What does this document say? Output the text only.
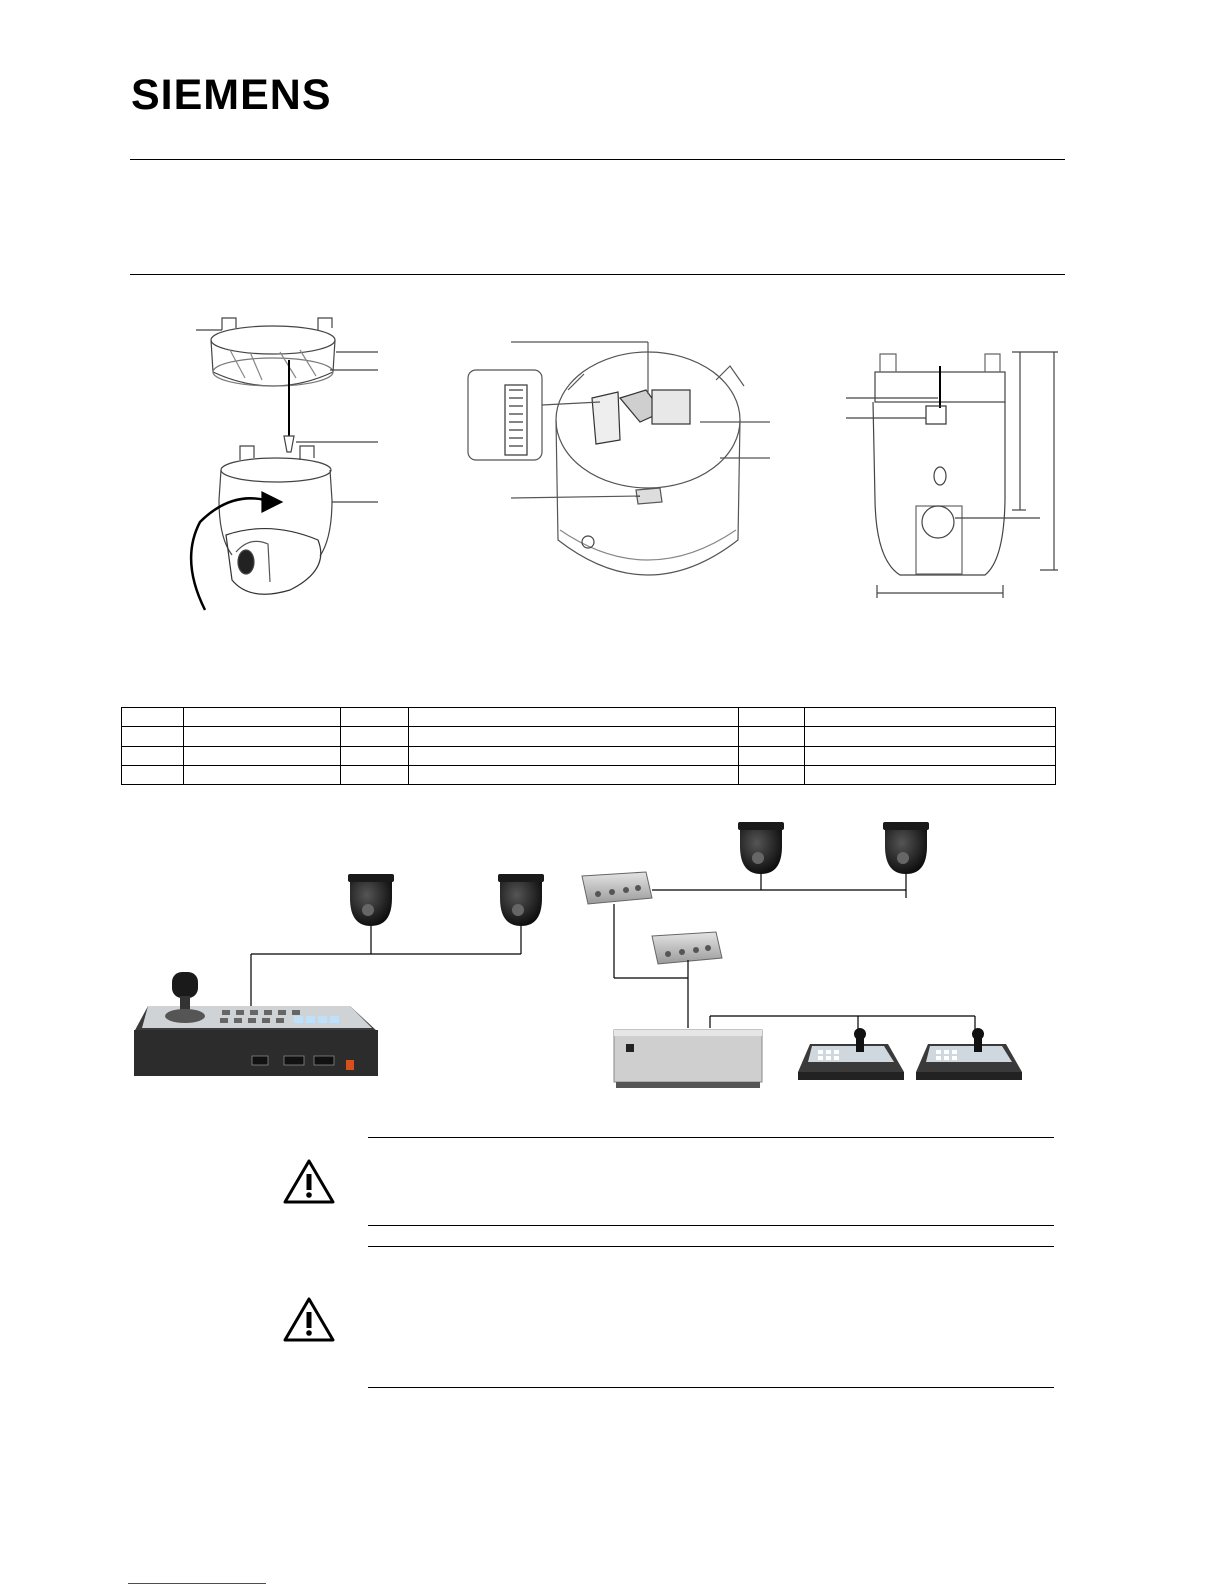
SIEMENS
